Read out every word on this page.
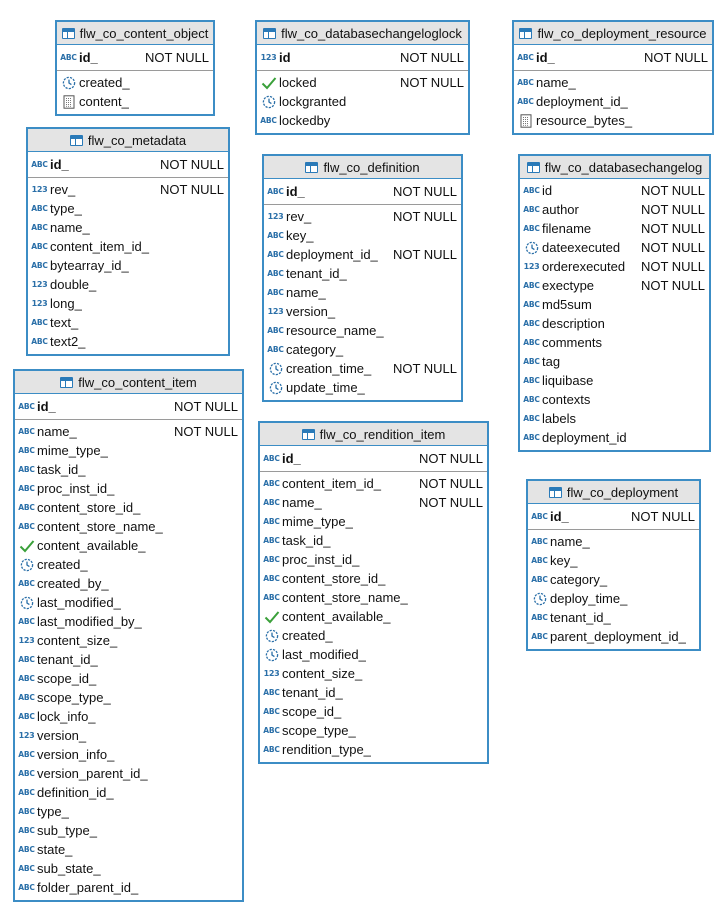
flw_co_content_object
ABC id_	NOT NULL
created_
content_
flw_co_databasechangeloglock
123 id	NOT NULL
locked	NOT NULL
lockgranted
ABC lockedby
flw_co_deployment_resource
ABC id_	NOT NULL
ABC name_
ABC deployment_id_
resource_bytes_
flw_co_metadata
ABC id_	NOT NULL
123 rev_	NOT NULL
ABC type_
ABC name_
ABC content_item_id_
ABC bytearray_id_
123 double_
123 long_
ABC text_
ABC text2_
flw_co_definition
ABC id_	NOT NULL
123 rev_	NOT NULL
ABC key_
ABC deployment_id_ NOT NULL
ABC tenant_id_
ABC name_
123 version_
ABC resource_name_
ABC category_
creation_time_ NOT NULL
update_time_
flw_co_databasechangelog
ABC id	NOT NULL
ABC author	NOT NULL
ABC filename	NOT NULL
dateexecuted NOT NULL
123 orderexecuted NOT NULL
ABC exectype	NOT NULL
ABC md5sum
ABC description
ABC comments
ABC tag
ABC liquibase
ABC contexts
ABC labels
ABC deployment_id
flw_co_content_item
ABC id_	NOT NULL
ABC name_	NOT NULL
ABC mime_type_
ABC task_id_
ABC proc_inst_id_
ABC content_store_id_
ABC content_store_name_
content_available_
created_
ABC created_by_
last_modified_
ABC last_modified_by_
123 content_size_
ABC tenant_id_
ABC scope_id_
ABC scope_type_
ABC lock_info_
123 version_
ABC version_info_
ABC version_parent_id_
ABC definition_id_
ABC type_
ABC sub_type_
ABC state_
ABC sub_state_
ABC folder_parent_id_
flw_co_rendition_item
ABC id_	NOT NULL
ABC content_item_id_	NOT NULL
ABC name_	NOT NULL
ABC mime_type_
ABC task_id_
ABC proc_inst_id_
ABC content_store_id_
ABC content_store_name_
content_available_
created_
last_modified_
123 content_size_
ABC tenant_id_
ABC scope_id_
ABC scope_type_
ABC rendition_type_
flw_co_deployment
ABC id_	NOT NULL
ABC name_
ABC key_
ABC category_
deploy_time_
ABC tenant_id_
ABC parent_deployment_id_
